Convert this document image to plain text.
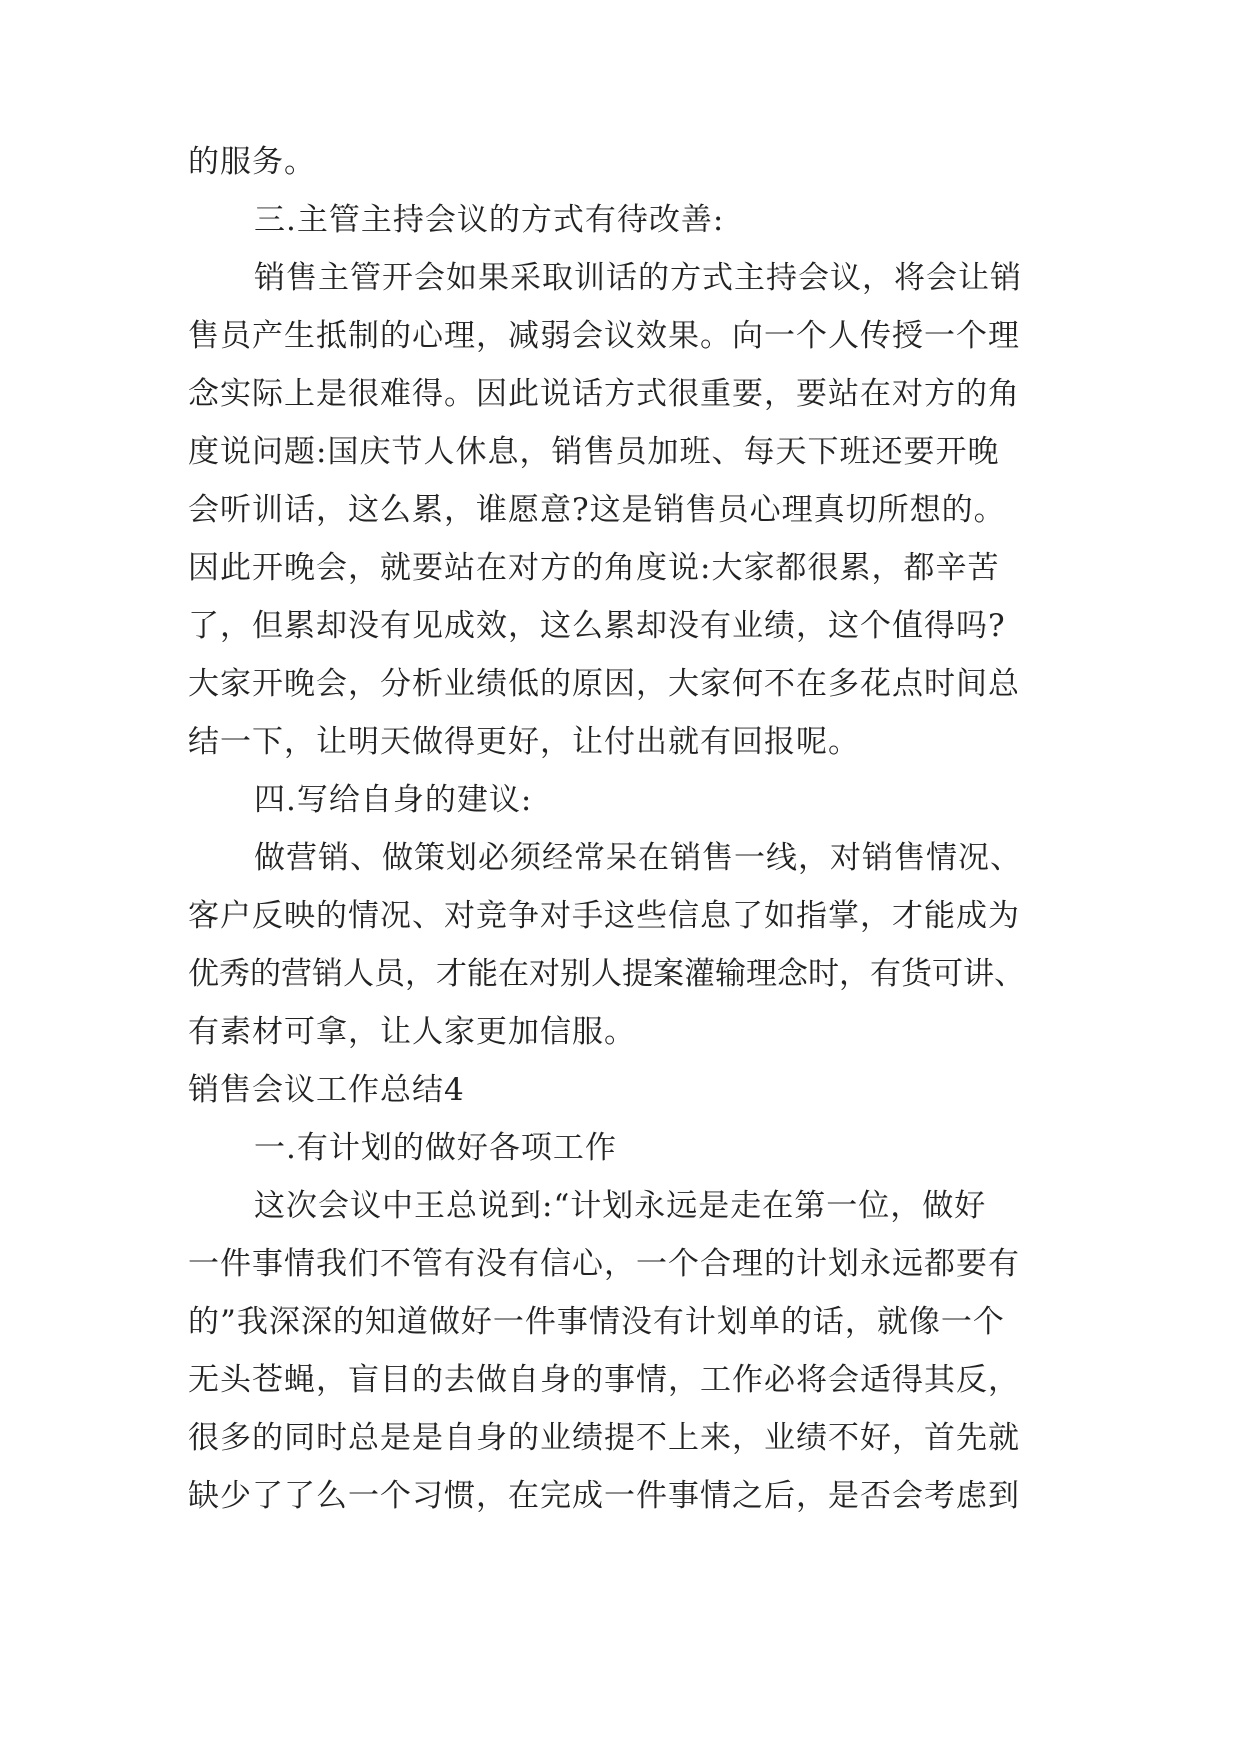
的服务。
三.主管主持会议的方式有待改善:
销售主管开会如果采取训话的方式主持会议，将会让销
售员产生抵制的心理，减弱会议效果。向一个人传授一个理
念实际上是很难得。因此说话方式很重要，要站在对方的角
度说问题:国庆节人休息，销售员加班、每天下班还要开晚
会听训话，这么累，谁愿意?这是销售员心理真切所想的。
因此开晚会，就要站在对方的角度说:大家都很累，都辛苦
了，但累却没有见成效，这么累却没有业绩，这个值得吗?
大家开晚会，分析业绩低的原因，大家何不在多花点时间总
结一下，让明天做得更好，让付出就有回报呢。
四.写给自身的建议:
做营销、做策划必须经常呆在销售一线，对销售情况、
客户反映的情况、对竞争对手这些信息了如指掌，才能成为
优秀的营销人员，才能在对别人提案灌输理念时，有货可讲、
有素材可拿，让人家更加信服。
销售会议工作总结4
一.有计划的做好各项工作
这次会议中王总说到:“计划永远是走在第一位，做好
一件事情我们不管有没有信心，一个合理的计划永远都要有
的”我深深的知道做好一件事情没有计划单的话，就像一个
无头苍蝇，盲目的去做自身的事情，工作必将会适得其反，
很多的同时总是是自身的业绩提不上来，业绩不好，首先就
缺少了了么一个习惯，在完成一件事情之后，是否会考虑到
